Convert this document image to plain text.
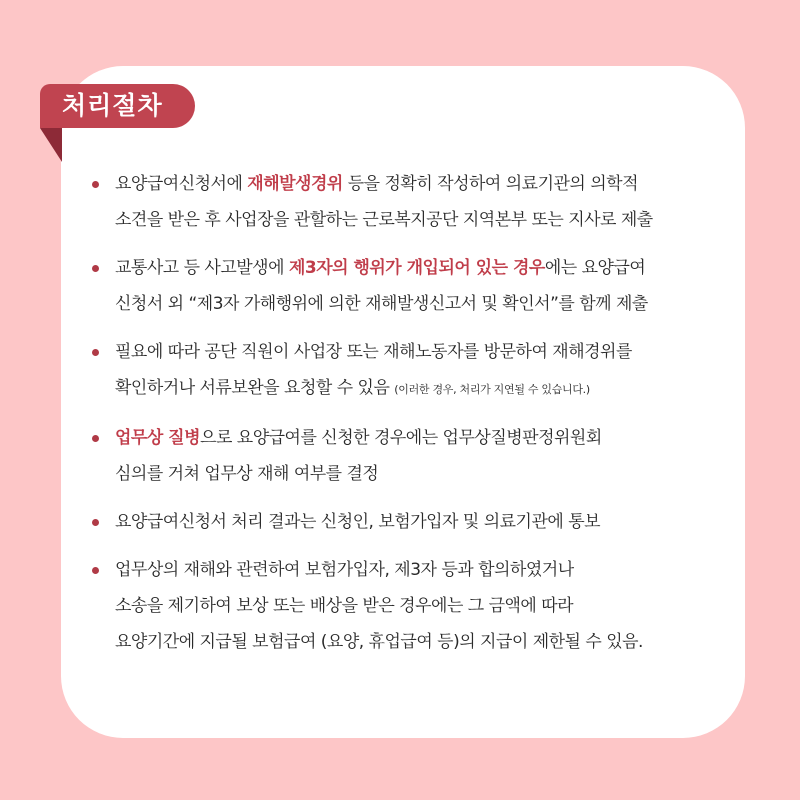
처리절차
요양급여신청서에 재해발생경위 등을 정확히 작성하여 의료기관의 의학적
소견을 받은 후 사업장을 관할하는 근로복지공단 지역본부 또는 지사로 제출
교통사고 등 사고발생에 제3자의 행위가 개입되어 있는 경우에는 요양급여
신청서 외 “제3자 가해행위에 의한 재해발생신고서 및 확인서”를 함께 제출
필요에 따라 공단 직원이 사업장 또는 재해노동자를 방문하여 재해경위를
확인하거나 서류보완을 요청할 수 있음 (이러한 경우, 처리가 지연될 수 있습니다.)
업무상 질병으로 요양급여를 신청한 경우에는 업무상질병판정위원회
심의를 거쳐 업무상 재해 여부를 결정
요양급여신청서 처리 결과는 신청인, 보험가입자 및 의료기관에 통보
업무상의 재해와 관련하여 보험가입자, 제3자 등과 합의하였거나
소송을 제기하여 보상 또는 배상을 받은 경우에는 그 금액에 따라
요양기간에 지급될 보험급여 (요양, 휴업급여 등)의 지급이 제한될 수 있음.
